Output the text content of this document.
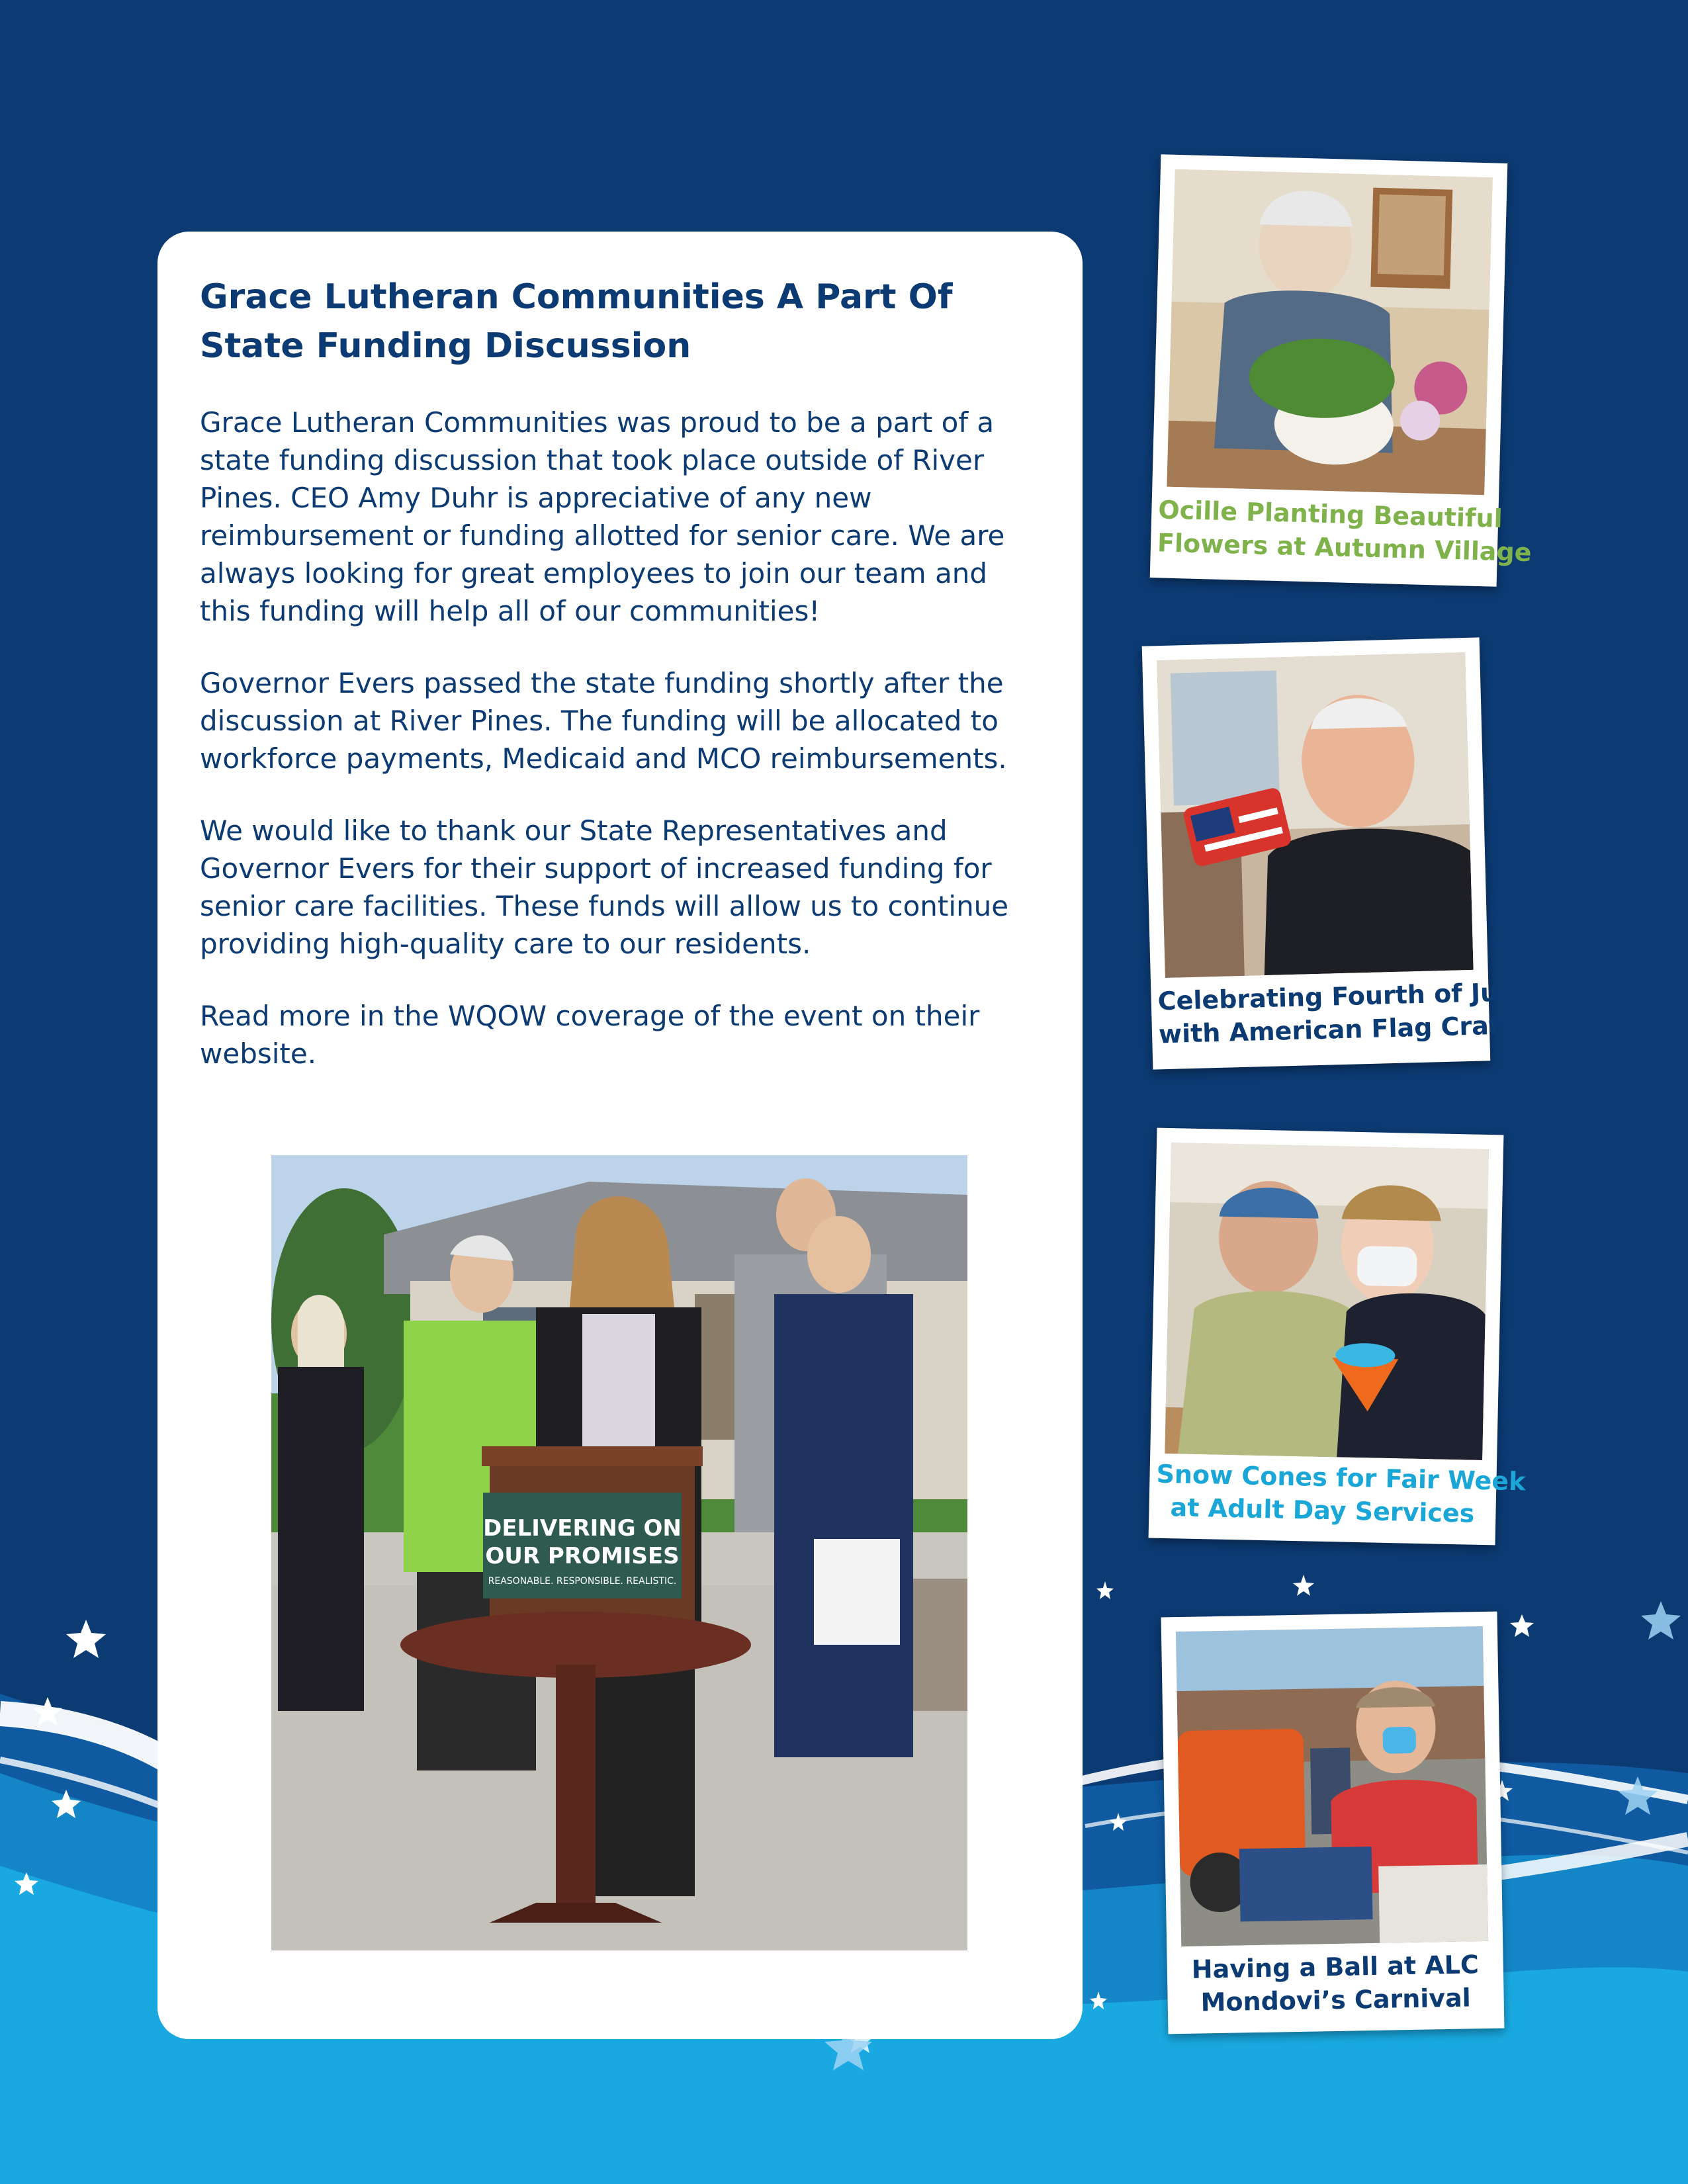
Grace Lutheran Communities A Part Of State Funding Discussion

Grace Lutheran Communities was proud to be a part of a state funding discussion that took place outside of River Pines. CEO Amy Duhr is appreciative of any new reimbursement or funding allotted for senior care. We are always looking for great employees to join our team and this funding will help all of our communities!

Governor Evers passed the state funding shortly after the discussion at River Pines. The funding will be allocated to workforce payments, Medicaid and MCO reimbursements.

We would like to thank our State Representatives and Governor Evers for their support of increased funding for senior care facilities. These funds will allow us to continue providing high-quality care to our residents.

Read more in the WQOW coverage of the event on their website.

DELIVERING ON
OUR PROMISES
REASONABLE. RESPONSIBLE. REALISTIC.
Ocille Planting Beautiful
Flowers at Autumn Village
Celebrating Fourth of July
with American Flag Crafts
Snow Cones for Fair Week
at Adult Day Services
Having a Ball at ALC
Mondovi’s Carnival
